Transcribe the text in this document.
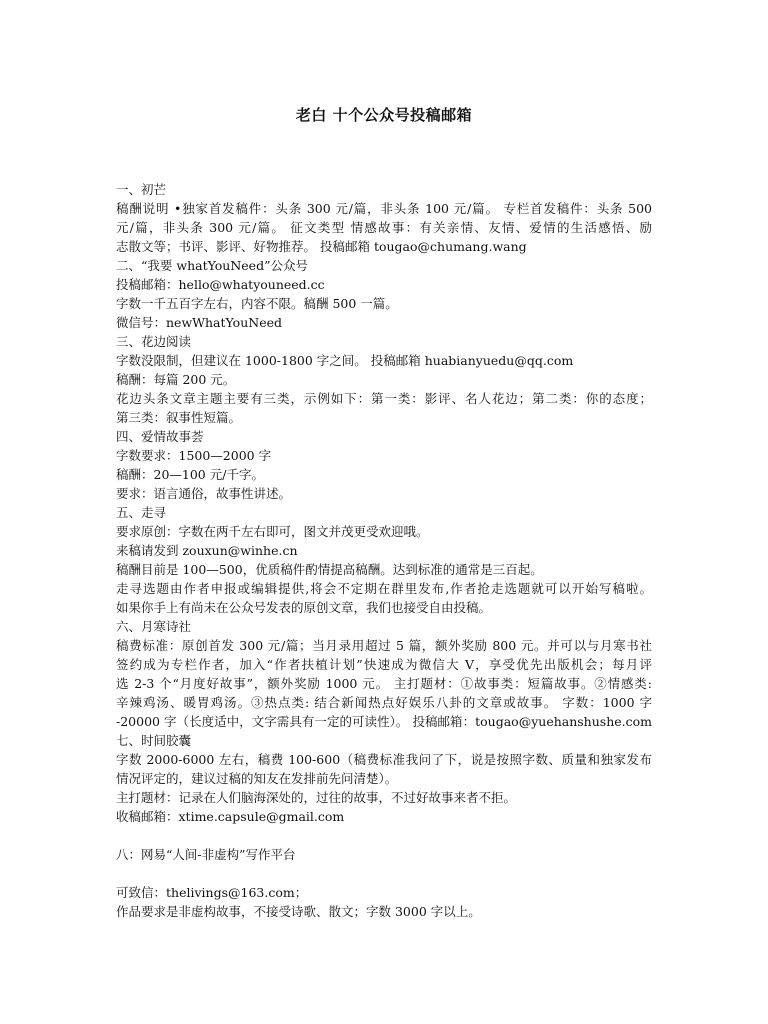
老白 十个公众号投稿邮箱
一、初芒
稿酬说明 •独家首发稿件：头条 300 元/篇，非头条 100 元/篇。 专栏首发稿件：头条 500
元/篇，非头条 300 元/篇。 征文类型 情感故事：有关亲情、友情、爱情的生活感悟、励
志散文等；书评、影评、好物推荐。 投稿邮箱 tougao@chumang.wang
二、“我要 whatYouNeed”公众号
投稿邮箱：hello@whatyouneed.cc
字数一千五百字左右，内容不限。稿酬 500 一篇。
微信号：newWhatYouNeed
三、花边阅读
字数没限制，但建议在 1000-1800 字之间。 投稿邮箱 huabianyuedu@qq.com
稿酬：每篇 200 元。
花边头条文章主题主要有三类，示例如下：第一类：影评、名人花边；第二类：你的态度；
第三类：叙事性短篇。
四、爱情故事荟
字数要求：1500—2000 字
稿酬：20—100 元/千字。
要求：语言通俗，故事性讲述。
五、走寻
要求原创：字数在两千左右即可，图文并茂更受欢迎哦。
来稿请发到 zouxun@winhe.cn
稿酬目前是 100—500，优质稿件酌情提高稿酬。达到标准的通常是三百起。
走寻选题由作者申报或编辑提供,将会不定期在群里发布,作者抢走选题就可以开始写稿啦。
如果你手上有尚未在公众号发表的原创文章，我们也接受自由投稿。
六、月寒诗社
稿费标准：原创首发 300 元/篇；当月录用超过 5 篇，额外奖励 800 元。并可以与月寒书社
签约成为专栏作者，加入“作者扶植计划”快速成为微信大 V，享受优先出版机会；每月评
选 2-3 个“月度好故事”，额外奖励 1000 元。 主打题材：①故事类：短篇故事。②情感类:
辛辣鸡汤、暖胃鸡汤。③热点类: 结合新闻热点好娱乐八卦的文章或故事。 字数：1000 字
-20000 字（长度适中，文字需具有一定的可读性）。 投稿邮箱：tougao@yuehanshushe.com
七、时间胶囊
字数 2000-6000 左右，稿费 100-600（稿费标准我问了下，说是按照字数、质量和独家发布
情况评定的，建议过稿的知友在发排前先问清楚）。
主打题材：记录在人们脑海深处的，过往的故事，不过好故事来者不拒。
收稿邮箱：xtime.capsule@gmail.com
八：网易“人间-非虚构”写作平台
可致信：thelivings@163.com；
作品要求是非虚构故事，不接受诗歌、散文；字数 3000 字以上。
